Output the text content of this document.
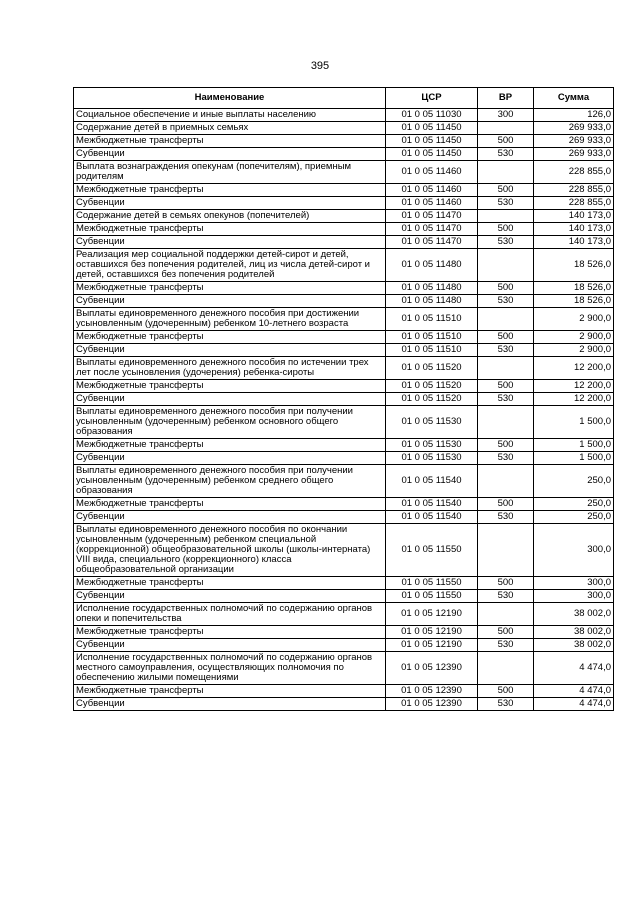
395
Наименование	ЦСР	ВР	Сумма
Социальное обеспечение и иные выплаты населению	01 0 05 11030	300	126,0
Содержание детей в приемных семьях	01 0 05 11450		269 933,0
Межбюджетные трансферты	01 0 05 11450	500	269 933,0
Субвенции	01 0 05 11450	530	269 933,0
Выплата вознаграждения опекунам (попечителям), приемным родителям	01 0 05 11460		228 855,0
Межбюджетные трансферты	01 0 05 11460	500	228 855,0
Субвенции	01 0 05 11460	530	228 855,0
Содержание детей в семьях опекунов (попечителей)	01 0 05 11470		140 173,0
Межбюджетные трансферты	01 0 05 11470	500	140 173,0
Субвенции	01 0 05 11470	530	140 173,0
Реализация мер социальной поддержки детей-сирот и детей, оставшихся без попечения родителей, лиц из числа детей-сирот и детей, оставшихся без попечения родителей	01 0 05 11480		18 526,0
Межбюджетные трансферты	01 0 05 11480	500	18 526,0
Субвенции	01 0 05 11480	530	18 526,0
Выплаты единовременного денежного пособия при достижении усыновленным (удочеренным) ребенком 10-летнего возраста	01 0 05 11510		2 900,0
Межбюджетные трансферты	01 0 05 11510	500	2 900,0
Субвенции	01 0 05 11510	530	2 900,0
Выплаты единовременного денежного пособия по истечении трех лет после усыновления (удочерения) ребенка-сироты	01 0 05 11520		12 200,0
Межбюджетные трансферты	01 0 05 11520	500	12 200,0
Субвенции	01 0 05 11520	530	12 200,0
Выплаты единовременного денежного пособия при получении усыновленным (удочеренным) ребенком основного общего образования	01 0 05 11530		1 500,0
Межбюджетные трансферты	01 0 05 11530	500	1 500,0
Субвенции	01 0 05 11530	530	1 500,0
Выплаты единовременного денежного пособия при получении усыновленным (удочеренным) ребенком среднего общего образования	01 0 05 11540		250,0
Межбюджетные трансферты	01 0 05 11540	500	250,0
Субвенции	01 0 05 11540	530	250,0
Выплаты единовременного денежного пособия по окончании усыновленным (удочеренным) ребенком специальной (коррекционной) общеобразовательной школы (школы-интерната) VIII вида, специального (коррекционного) класса общеобразовательной организации	01 0 05 11550		300,0
Межбюджетные трансферты	01 0 05 11550	500	300,0
Субвенции	01 0 05 11550	530	300,0
Исполнение государственных полномочий по содержанию органов опеки и попечительства	01 0 05 12190		38 002,0
Межбюджетные трансферты	01 0 05 12190	500	38 002,0
Субвенции	01 0 05 12190	530	38 002,0
Исполнение государственных полномочий по содержанию органов местного самоуправления, осуществляющих полномочия по обеспечению жилыми помещениями	01 0 05 12390		4 474,0
Межбюджетные трансферты	01 0 05 12390	500	4 474,0
Субвенции	01 0 05 12390	530	4 474,0
